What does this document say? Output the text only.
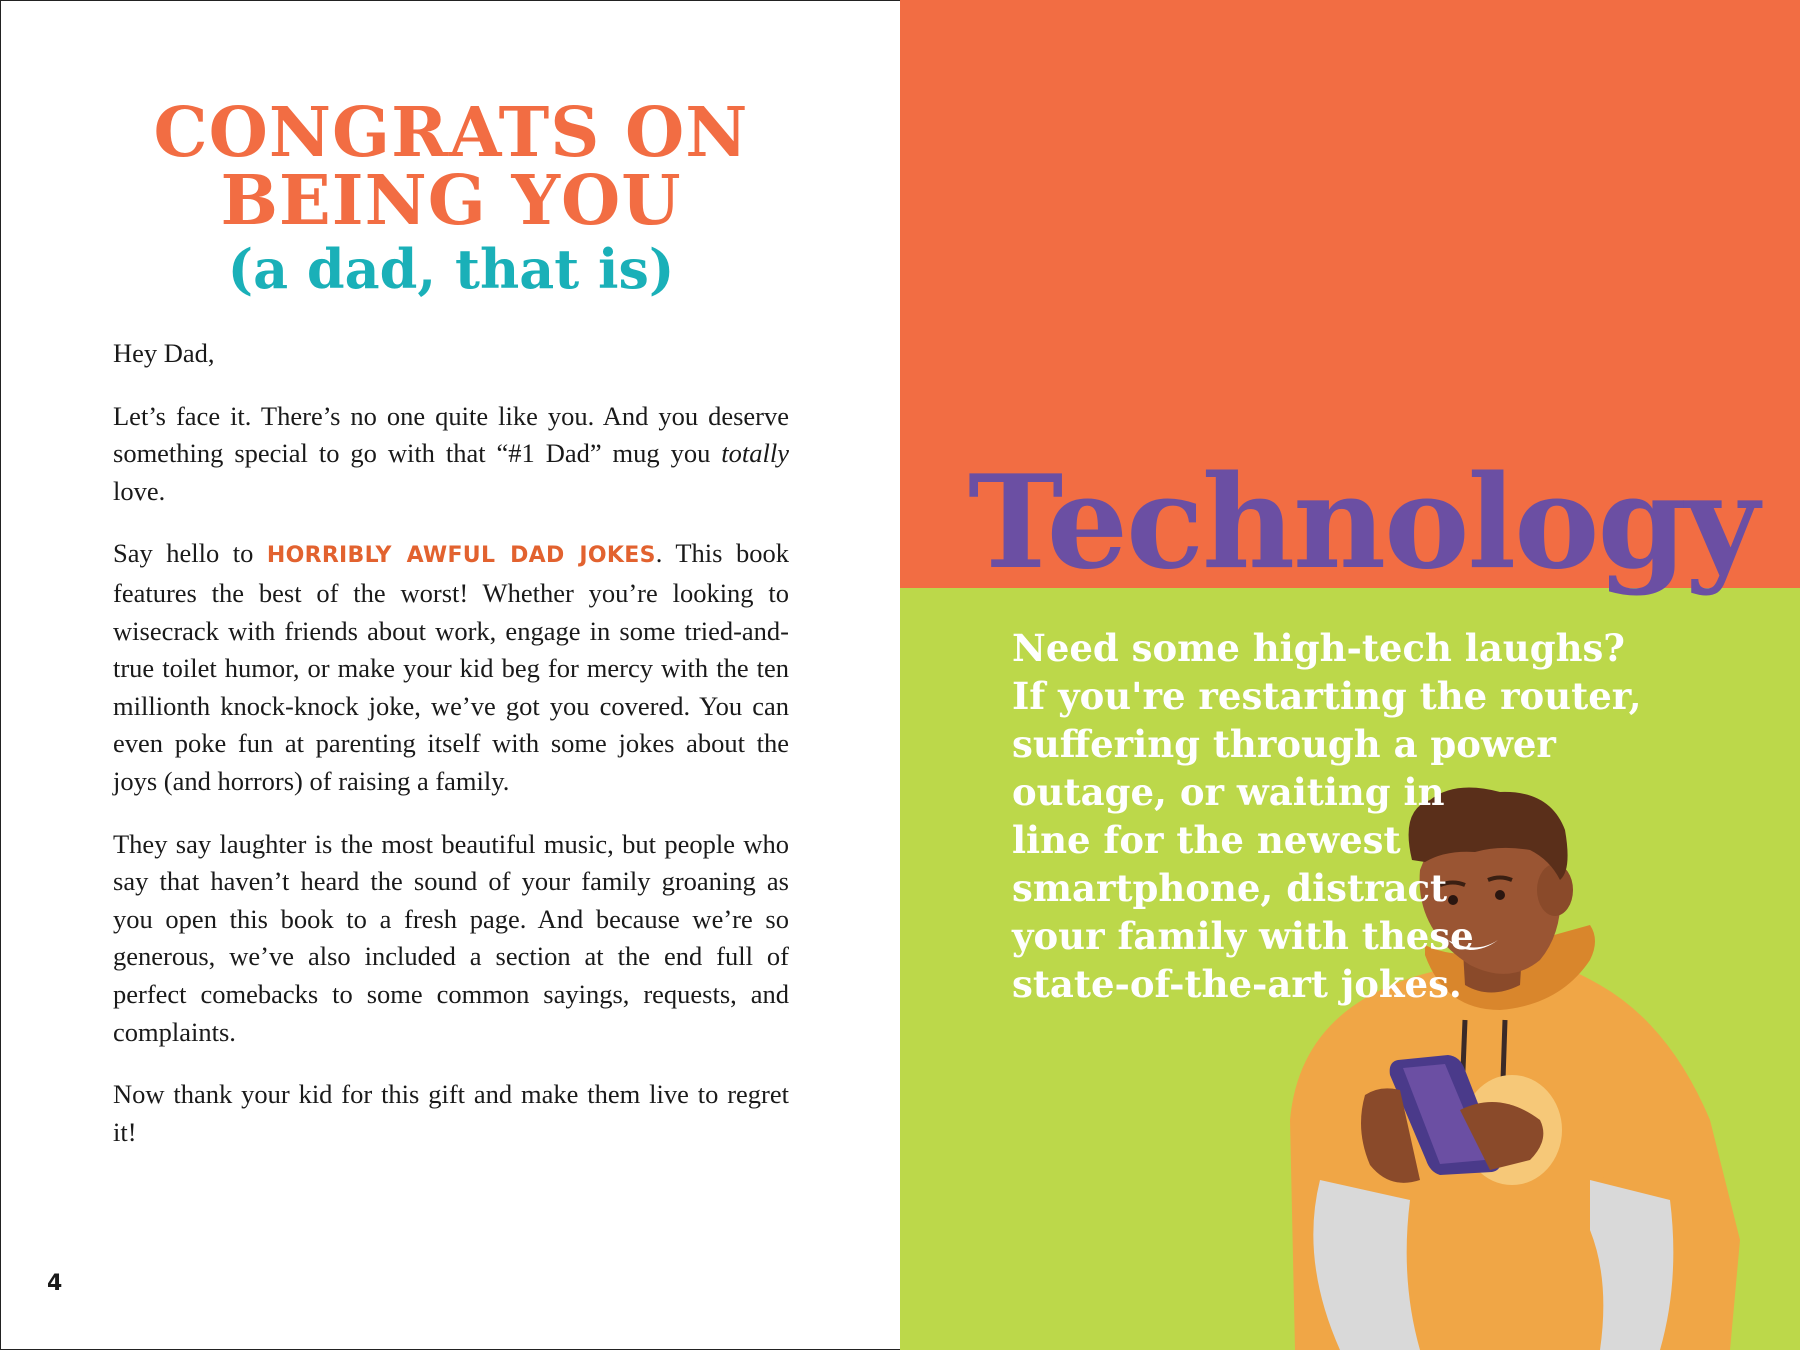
CONGRATS ON
BEING YOU
(a dad, that is)

Hey Dad,

Let’s face it. There’s no one quite like you. And you deserve something special to go with that “#1 Dad” mug you totally love.

Say hello to HORRIBLY AWFUL DAD JOKES. This book features the best of the worst! Whether you’re looking to wisecrack with friends about work, engage in some tried-and-true toilet humor, or make your kid beg for mercy with the ten millionth knock-knock joke, we’ve got you covered. You can even poke fun at parenting itself with some jokes about the joys (and horrors) of raising a family.

They say laughter is the most beautiful music, but people who say that haven’t heard the sound of your family groaning as you open this book to a fresh page. And because we’re so generous, we’ve also included a section at the end full of perfect comebacks to some common sayings, requests, and complaints.

Now thank your kid for this gift and make them live to regret it!

4
Technology
Need some high-tech laughs?
If you're restarting the router,
suffering through a power
outage, or waiting in
line for the newest
smartphone, distract
your family with these
state-of-the-art jokes.
